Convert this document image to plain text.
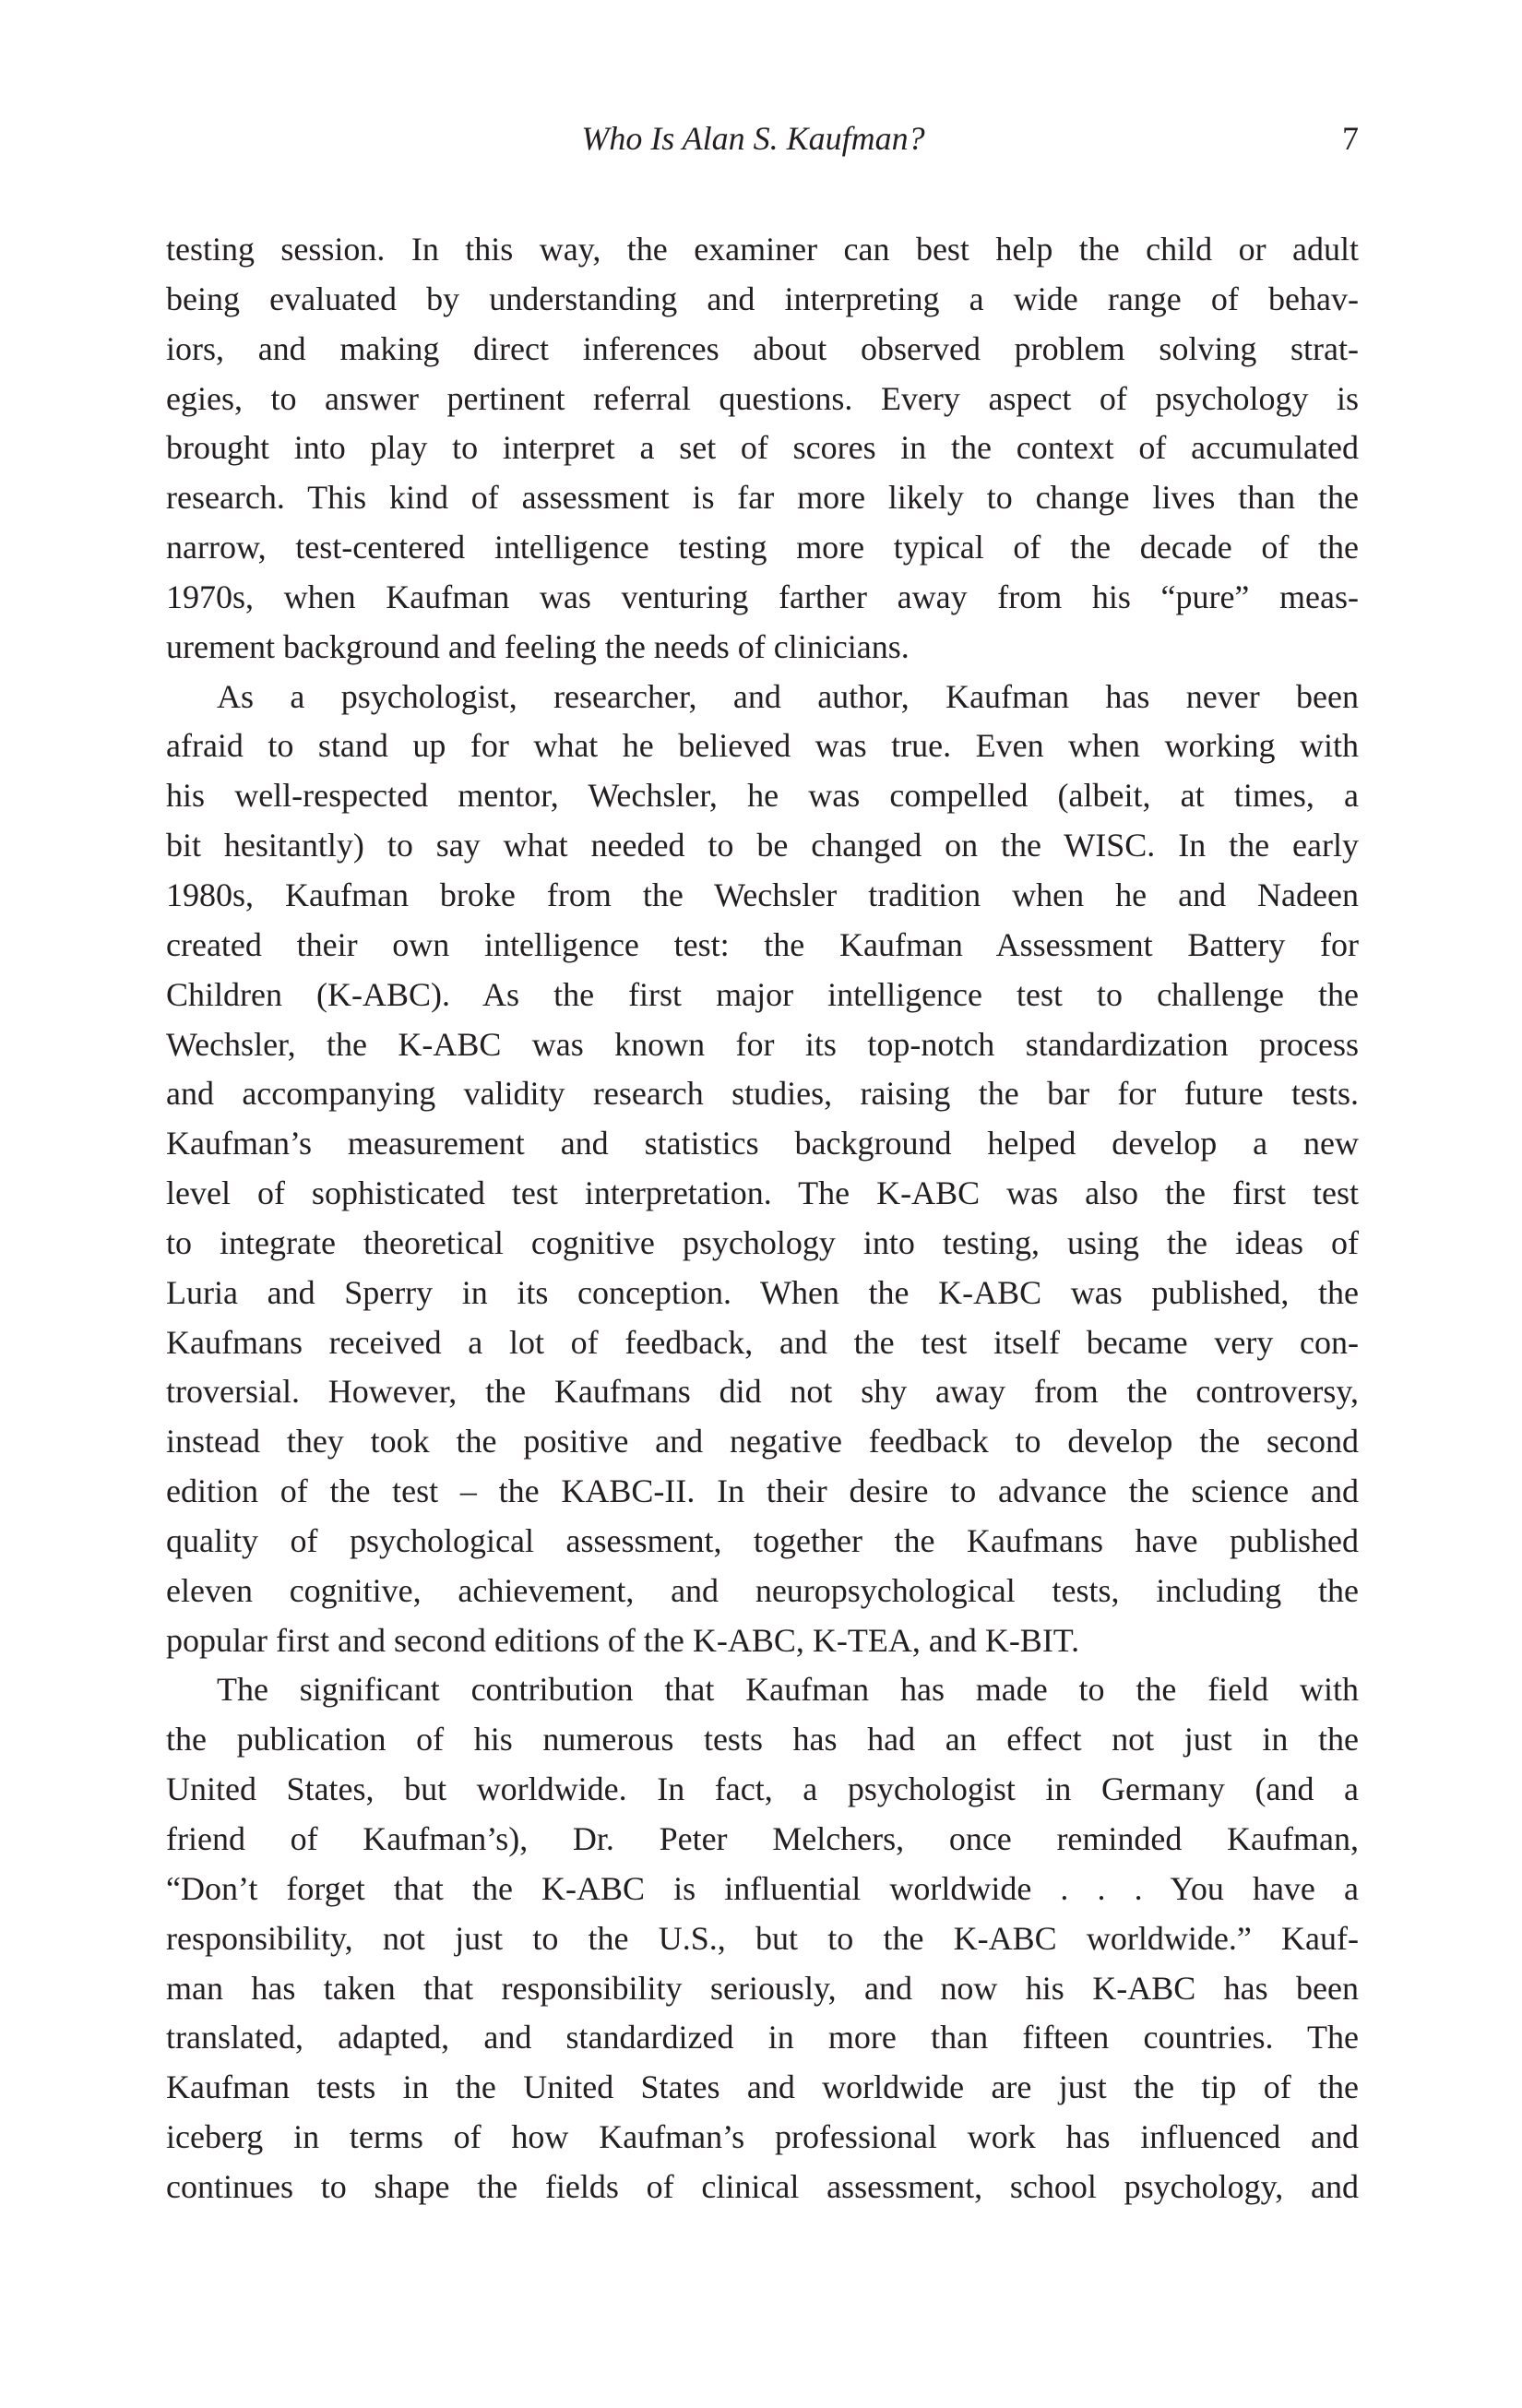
Who Is Alan S. Kaufman?	7
testing session. In this way, the examiner can best help the child or adult
being evaluated by understanding and interpreting a wide range of behav-
iors, and making direct inferences about observed problem solving strat-
egies, to answer pertinent referral questions. Every aspect of psychology is
brought into play to interpret a set of scores in the context of accumulated
research. This kind of assessment is far more likely to change lives than the
narrow, test-centered intelligence testing more typical of the decade of the
1970s, when Kaufman was venturing farther away from his “pure” meas-
urement background and feeling the needs of clinicians.
As a psychologist, researcher, and author, Kaufman has never been
afraid to stand up for what he believed was true. Even when working with
his well-respected mentor, Wechsler, he was compelled (albeit, at times, a
bit hesitantly) to say what needed to be changed on the WISC. In the early
1980s, Kaufman broke from the Wechsler tradition when he and Nadeen
created their own intelligence test: the Kaufman Assessment Battery for
Children (K-ABC). As the first major intelligence test to challenge the
Wechsler, the K-ABC was known for its top-notch standardization process
and accompanying validity research studies, raising the bar for future tests.
Kaufman’s measurement and statistics background helped develop a new
level of sophisticated test interpretation. The K-ABC was also the first test
to integrate theoretical cognitive psychology into testing, using the ideas of
Luria and Sperry in its conception. When the K-ABC was published, the
Kaufmans received a lot of feedback, and the test itself became very con-
troversial. However, the Kaufmans did not shy away from the controversy,
instead they took the positive and negative feedback to develop the second
edition of the test – the KABC-II. In their desire to advance the science and
quality of psychological assessment, together the Kaufmans have published
eleven cognitive, achievement, and neuropsychological tests, including the
popular first and second editions of the K-ABC, K-TEA, and K-BIT.
The significant contribution that Kaufman has made to the field with
the publication of his numerous tests has had an effect not just in the
United States, but worldwide. In fact, a psychologist in Germany (and a
friend of Kaufman’s), Dr. Peter Melchers, once reminded Kaufman,
“Don’t forget that the K-ABC is influential worldwide . . . You have a
responsibility, not just to the U.S., but to the K-ABC worldwide.” Kauf-
man has taken that responsibility seriously, and now his K-ABC has been
translated, adapted, and standardized in more than fifteen countries. The
Kaufman tests in the United States and worldwide are just the tip of the
iceberg in terms of how Kaufman’s professional work has influenced and
continues to shape the fields of clinical assessment, school psychology, and
